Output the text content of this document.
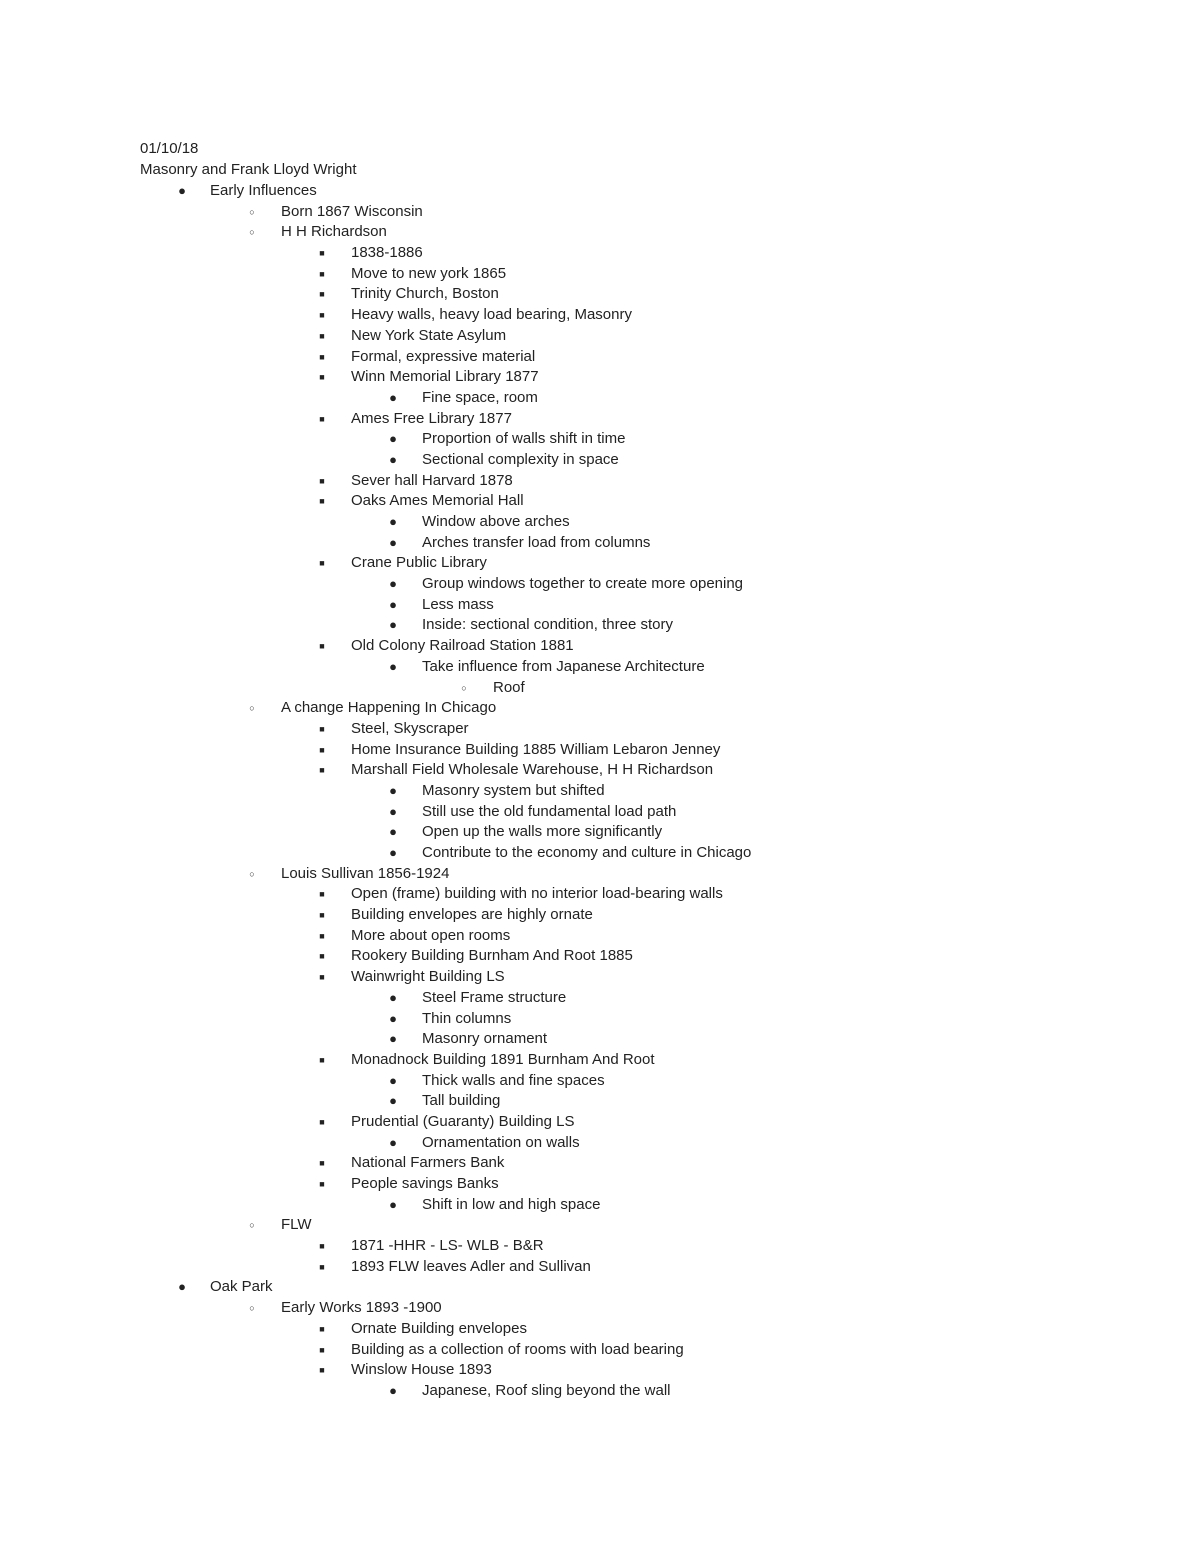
01/10/18
Masonry and Frank Lloyd Wright
● Early Influences
○ Born 1867 Wisconsin
○ H H Richardson
■ 1838-1886
■ Move to new york 1865
■ Trinity Church, Boston
■ Heavy walls, heavy load bearing, Masonry
■ New York State Asylum
■ Formal, expressive material
■ Winn Memorial Library 1877
● Fine space, room
■ Ames Free Library 1877
● Proportion of walls shift in time
● Sectional complexity in space
■ Sever hall Harvard 1878
■ Oaks Ames Memorial Hall
● Window above arches
● Arches transfer load from columns
■ Crane Public Library
● Group windows together to create more opening
● Less mass
● Inside: sectional condition, three story
■ Old Colony Railroad Station 1881
● Take influence from Japanese Architecture
○ Roof
○ A change Happening In Chicago
■ Steel, Skyscraper
■ Home Insurance Building 1885 William Lebaron Jenney
■ Marshall Field Wholesale Warehouse, H H Richardson
● Masonry system but shifted
● Still use the old fundamental load path
● Open up the walls more significantly
● Contribute to the economy and culture in Chicago
○ Louis Sullivan 1856-1924
■ Open (frame) building with no interior load-bearing walls
■ Building envelopes are highly ornate
■ More about open rooms
■ Rookery Building Burnham And Root 1885
■ Wainwright Building LS
● Steel Frame structure
● Thin columns
● Masonry ornament
■ Monadnock Building 1891 Burnham And Root
● Thick walls and fine spaces
● Tall building
■ Prudential (Guaranty) Building LS
● Ornamentation on walls
■ National Farmers Bank
■ People savings Banks
● Shift in low and high space
○ FLW
■ 1871 -HHR - LS- WLB - B&R
■ 1893 FLW leaves Adler and Sullivan
● Oak Park
○ Early Works 1893 -1900
■ Ornate Building envelopes
■ Building as a collection of rooms with load bearing
■ Winslow House 1893
● Japanese, Roof sling beyond the wall
